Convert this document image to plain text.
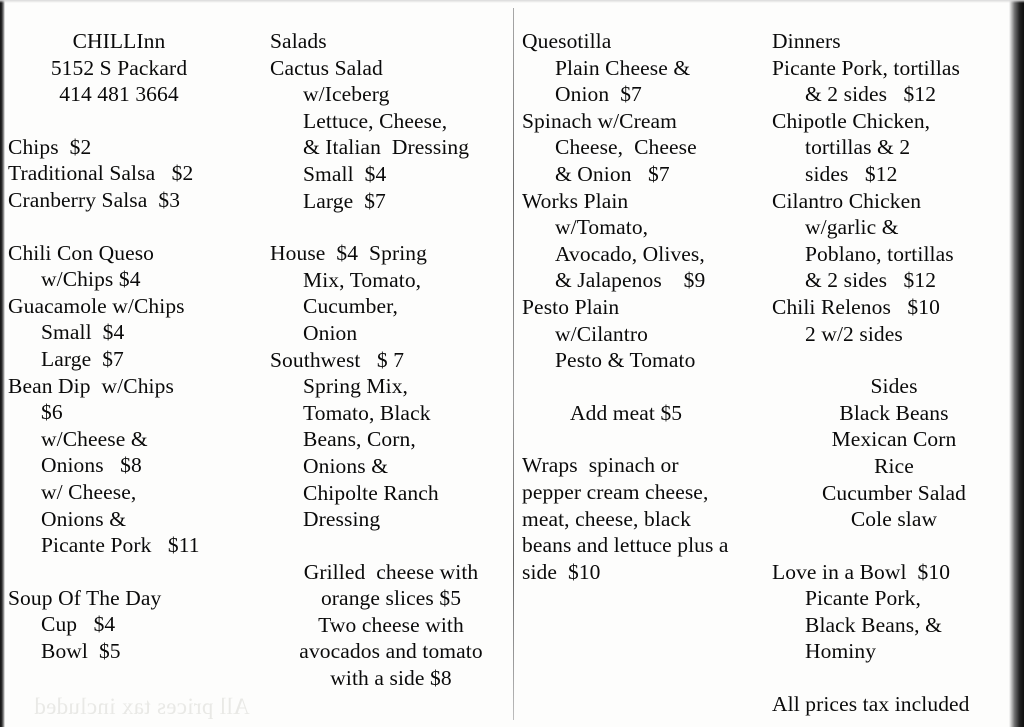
CHILLInn
5152 S Packard
414 481 3664
Chips  $2
Traditional Salsa   $2
Cranberry Salsa  $3
Chili Con Queso
w/Chips $4
Guacamole w/Chips
Small  $4
Large  $7
Bean Dip  w/Chips
$6
w/Cheese &
Onions   $8
w/ Cheese,
Onions &
Picante Pork   $11
Soup Of The Day
Cup   $4
Bowl  $5
Salads
Cactus Salad
w/Iceberg
Lettuce, Cheese,
& Italian  Dressing
Small  $4
Large  $7
House  $4  Spring
Mix, Tomato,
Cucumber,
Onion
Southwest   $ 7
Spring Mix,
Tomato, Black
Beans, Corn,
Onions &
Chipolte Ranch
Dressing
Grilled  cheese with
orange slices $5
Two cheese with
avocados and tomato
with a side $8
Quesotilla
Plain Cheese &
Onion  $7
Spinach w/Cream
Cheese,  Cheese
& Onion   $7
Works Plain
w/Tomato,
Avocado, Olives,
& Jalapenos    $9
Pesto Plain
w/Cilantro
Pesto & Tomato
Add meat $5
Wraps  spinach or
pepper cream cheese,
meat, cheese, black
beans and lettuce plus a
side  $10
Dinners
Picante Pork, tortillas
& 2 sides   $12
Chipotle Chicken,
tortillas & 2
sides   $12
Cilantro Chicken
w/garlic &
Poblano, tortillas
& 2 sides   $12
Chili Relenos   $10
2 w/2 sides
Sides
Black Beans
Mexican Corn
Rice
Cucumber Salad
Cole slaw
Love in a Bowl  $10
Picante Pork,
Black Beans, &
Hominy
All prices tax included
All prices tax included
